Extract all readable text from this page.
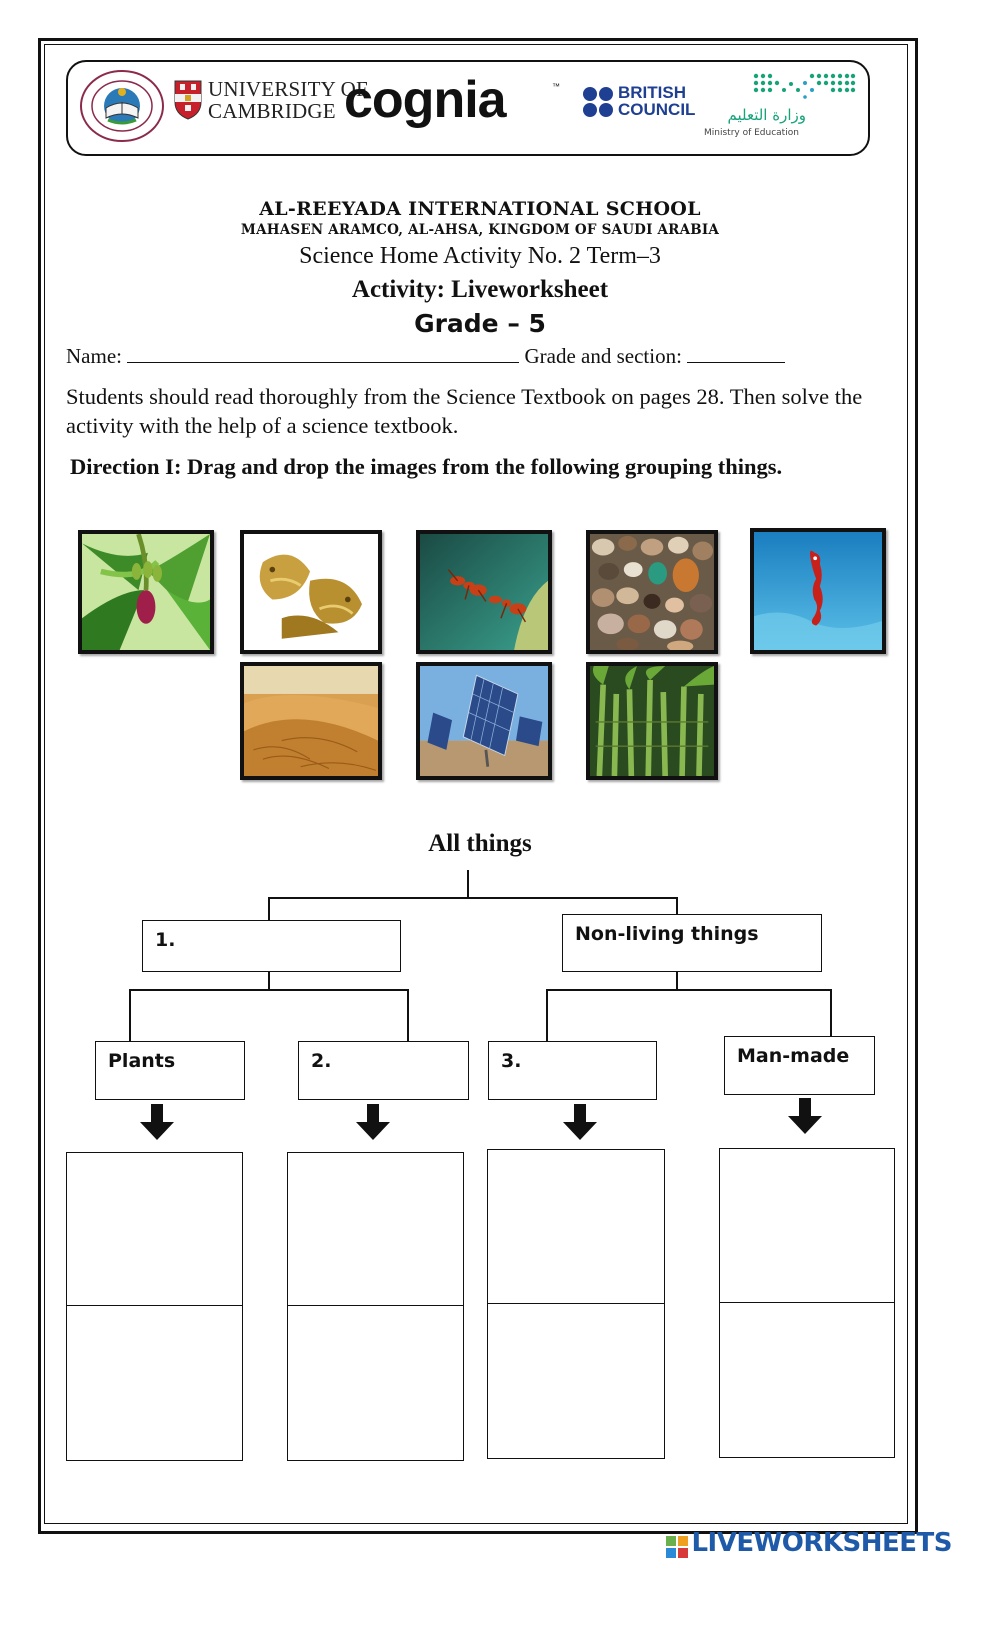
UNIVERSITY OF
CAMBRIDGE cognia	™	BRITISH
COUNCIL	وزارة التعليم
Ministry of Education
AL-REEYADA INTERNATIONAL SCHOOL
MAHASEN ARAMCO, AL-AHSA, KINGDOM OF SAUDI ARABIA
Science Home Activity No. 2 Term–3
Activity: Liveworksheet
Grade – 5
Name:	Grade and section:
Students should read thoroughly from the Science Textbook on pages 28. Then solve the activity with the help of a science textbook.
Direction I: Drag and drop the images from the following grouping things.
All things
1.	Non-living things
Plants	2.	3.	Man-made
LIVEWORKSHEETS
